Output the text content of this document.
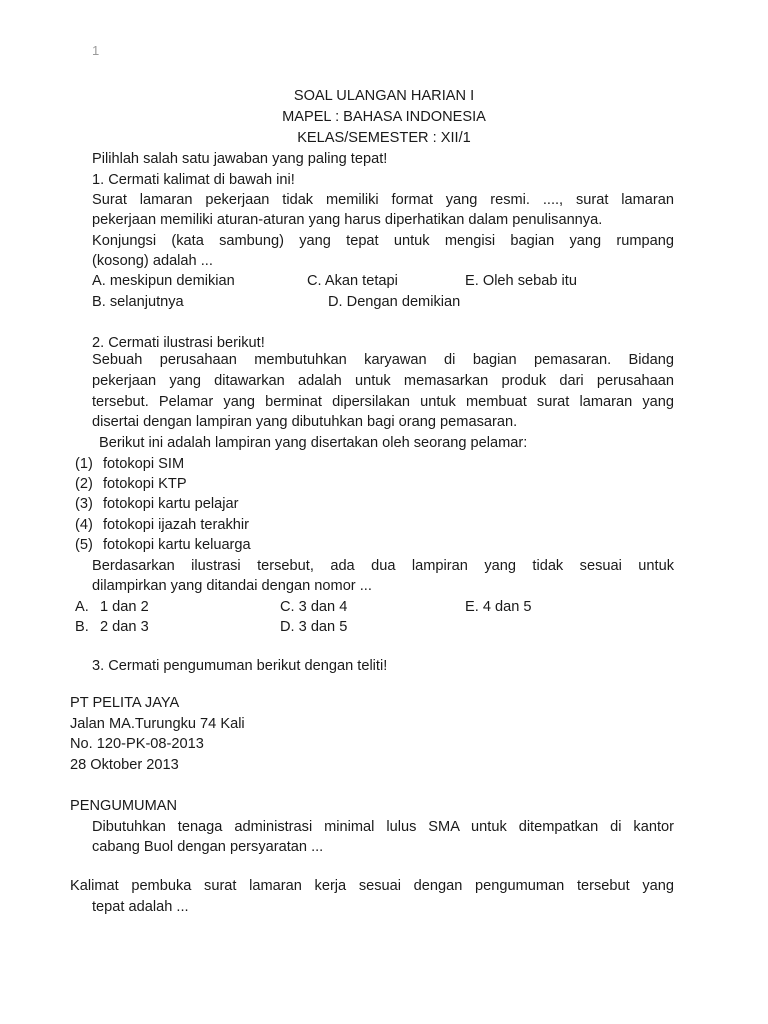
1
SOAL ULANGAN HARIAN I
MAPEL : BAHASA INDONESIA
KELAS/SEMESTER : XII/1
Pilihlah salah satu jawaban yang paling tepat!
1. Cermati kalimat di bawah ini!
Surat lamaran pekerjaan tidak memiliki format yang resmi. ...., surat lamaran
pekerjaan memiliki aturan-aturan yang harus diperhatikan dalam penulisannya.
Konjungsi (kata sambung) yang tepat untuk mengisi bagian yang rumpang
(kosong) adalah ...
A. meskipun demikian	C. Akan tetapi	E. Oleh sebab itu
B. selanjutnya	D. Dengan demikian
2. Cermati ilustrasi berikut!
Sebuah perusahaan membutuhkan karyawan di bagian pemasaran. Bidang
pekerjaan yang ditawarkan adalah untuk memasarkan produk dari perusahaan
tersebut. Pelamar yang berminat dipersilakan untuk membuat surat lamaran yang
disertai dengan lampiran yang dibutuhkan bagi orang pemasaran.
Berikut ini adalah lampiran yang disertakan oleh seorang pelamar:
(1) fotokopi SIM
(2) fotokopi KTP
(3) fotokopi kartu pelajar
(4) fotokopi ijazah terakhir
(5) fotokopi kartu keluarga
Berdasarkan ilustrasi tersebut, ada dua lampiran yang tidak sesuai untuk
dilampirkan yang ditandai dengan nomor ...
A. 1 dan 2	C. 3 dan 4	E. 4 dan 5
B. 2 dan 3	D. 3 dan 5
3. Cermati pengumuman berikut dengan teliti!
PT PELITA JAYA
Jalan MA.Turungku 74 Kali
No. 120-PK-08-2013
28 Oktober 2013
PENGUMUMAN
Dibutuhkan tenaga administrasi minimal lulus SMA untuk ditempatkan di kantor
cabang Buol dengan persyaratan ...
Kalimat pembuka surat lamaran kerja sesuai dengan pengumuman tersebut yang
tepat adalah ...
